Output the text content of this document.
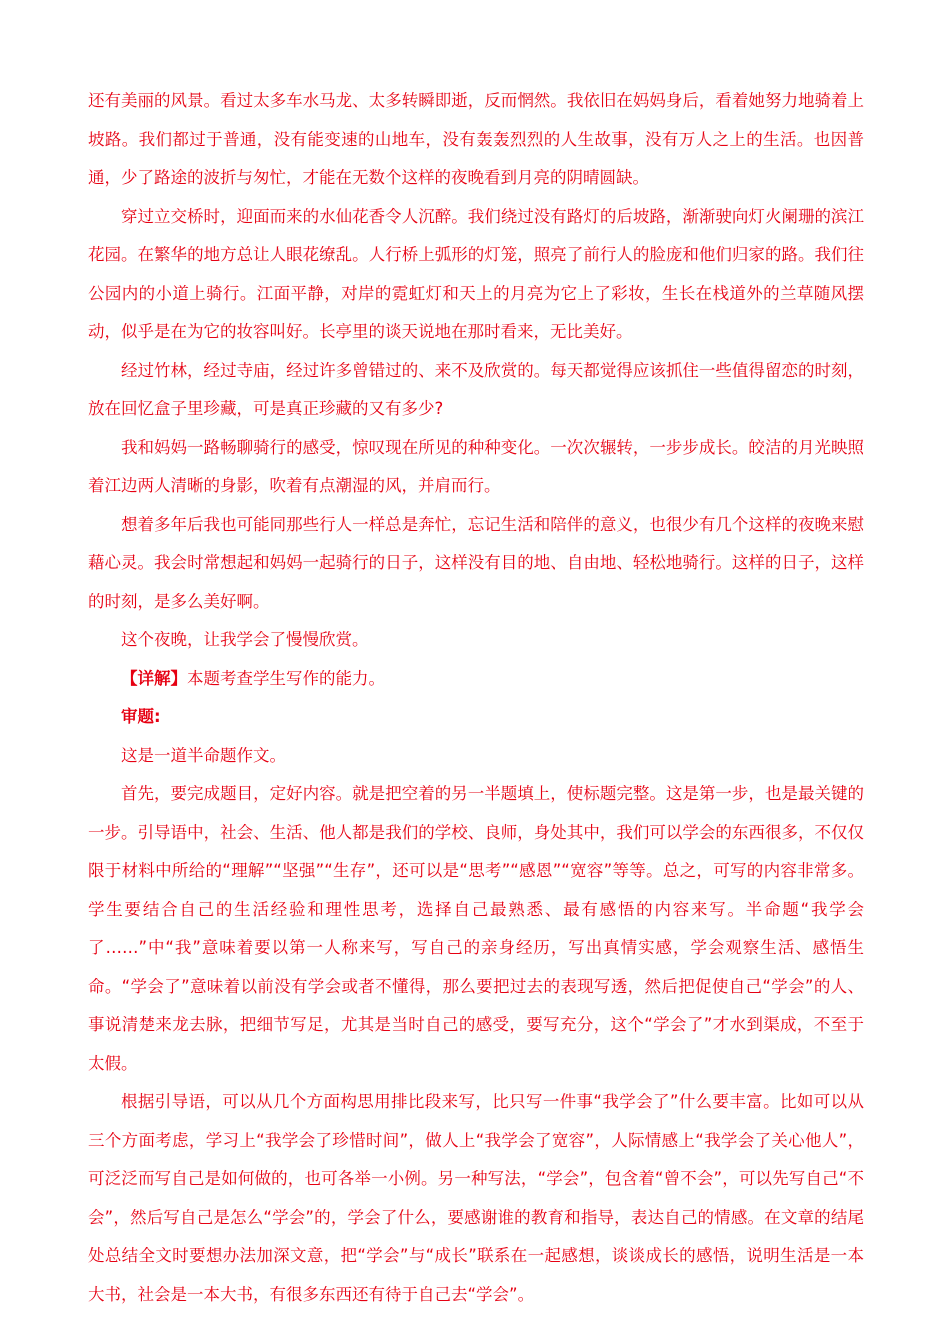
还有美丽的风景。看过太多车水马龙、太多转瞬即逝，反而惘然。我依旧在妈妈身后，看着她努力地骑着上坡路。我们都过于普通，没有能变速的山地车，没有轰轰烈烈的人生故事，没有万人之上的生活。也因普通，少了路途的波折与匆忙，才能在无数个这样的夜晚看到月亮的阴晴圆缺。

穿过立交桥时，迎面而来的水仙花香令人沉醉。我们绕过没有路灯的后坡路，渐渐驶向灯火阑珊的滨江花园。在繁华的地方总让人眼花缭乱。人行桥上弧形的灯笼，照亮了前行人的脸庞和他们归家的路。我们往公园内的小道上骑行。江面平静，对岸的霓虹灯和天上的月亮为它上了彩妆，生长在栈道外的兰草随风摆动，似乎是在为它的妆容叫好。长亭里的谈天说地在那时看来，无比美好。

经过竹林，经过寺庙，经过许多曾错过的、来不及欣赏的。每天都觉得应该抓住一些值得留恋的时刻，放在回忆盒子里珍藏，可是真正珍藏的又有多少?

我和妈妈一路畅聊骑行的感受，惊叹现在所见的种种变化。一次次辗转，一步步成长。皎洁的月光映照着江边两人清晰的身影，吹着有点潮湿的风，并肩而行。

想着多年后我也可能同那些行人一样总是奔忙，忘记生活和陪伴的意义，也很少有几个这样的夜晚来慰藉心灵。我会时常想起和妈妈一起骑行的日子，这样没有目的地、自由地、轻松地骑行。这样的日子，这样的时刻，是多么美好啊。

这个夜晚，让我学会了慢慢欣赏。

【详解】本题考查学生写作的能力。

审题:

这是一道半命题作文。

首先，要完成题目，定好内容。就是把空着的另一半题填上，使标题完整。这是第一步，也是最关键的一步。引导语中，社会、生活、他人都是我们的学校、良师，身处其中，我们可以学会的东西很多，不仅仅限于材料中所给的“理解”“坚强”“生存”，还可以是“思考”“感恩”“宽容”等等。总之，可写的内容非常多。学生要结合自己的生活经验和理性思考，选择自己最熟悉、最有感悟的内容来写。半命题“我学会了……”中“我”意味着要以第一人称来写，写自己的亲身经历，写出真情实感，学会观察生活、感悟生命。“学会了”意味着以前没有学会或者不懂得，那么要把过去的表现写透，然后把促使自己“学会”的人、事说清楚来龙去脉，把细节写足，尤其是当时自己的感受，要写充分，这个“学会了”才水到渠成，不至于太假。

根据引导语，可以从几个方面构思用排比段来写，比只写一件事“我学会了”什么要丰富。比如可以从三个方面考虑，学习上“我学会了珍惜时间”，做人上“我学会了宽容”，人际情感上“我学会了关心他人”，可泛泛而写自己是如何做的，也可各举一小例。另一种写法，“学会”，包含着“曾不会”，可以先写自己“不会”，然后写自己是怎么“学会”的，学会了什么，要感谢谁的教育和指导，表达自己的情感。在文章的结尾处总结全文时要想办法加深文意，把“学会”与“成长”联系在一起感想，谈谈成长的感悟，说明生活是一本大书，社会是一本大书，有很多东西还有待于自己去“学会”。
